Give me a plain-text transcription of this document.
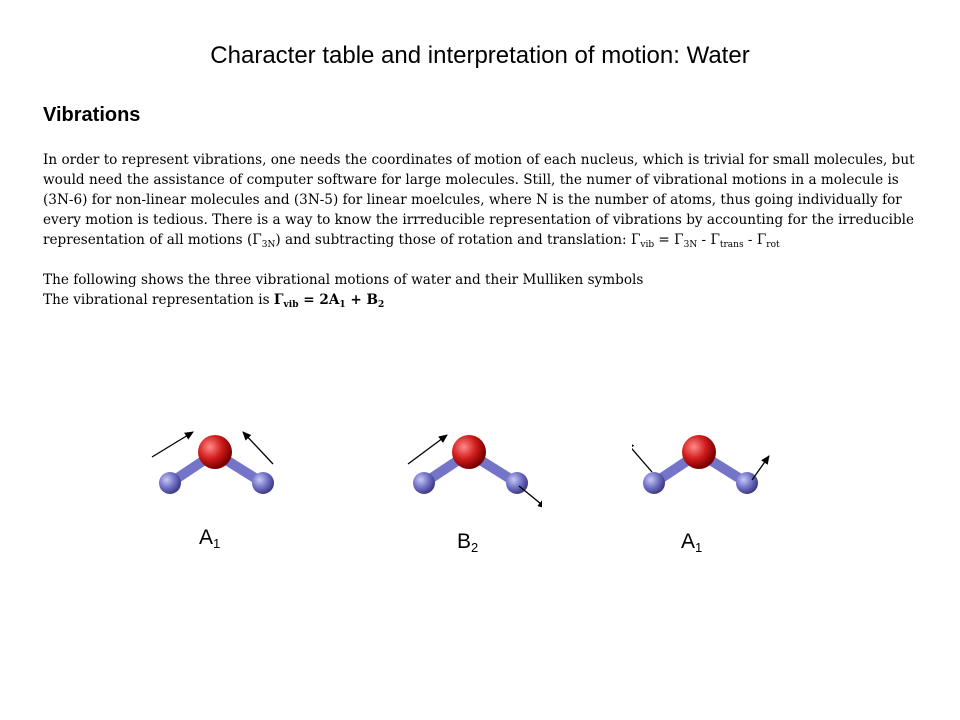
Character table and interpretation of motion: Water
Vibrations

In order to represent vibrations, one needs the coordinates of motion of each nucleus, which is trivial for small molecules, but would need the assistance of computer software for large molecules. Still, the numer of vibrational motions in a molecule is (3N-6) for non-linear molecules and (3N-5) for linear moelcules, where N is the number of atoms, thus going individually for every motion is tedious. There is a way to know the irrreducible representation of vibrations by accounting for the irreducible representation of all motions $(\Gamma_{3N})$ and subtracting those of rotation and translation: $\Gamma_{vib} = \Gamma_{3N} - \Gamma_{trans} - \Gamma_{rot}$

The following shows the three vibrational motions of water and their Mulliken symbols
The vibrational representation is $\Gamma_{vib} = 2A_1 + B_2$

$A_1$	$B_2$	$A_1$
